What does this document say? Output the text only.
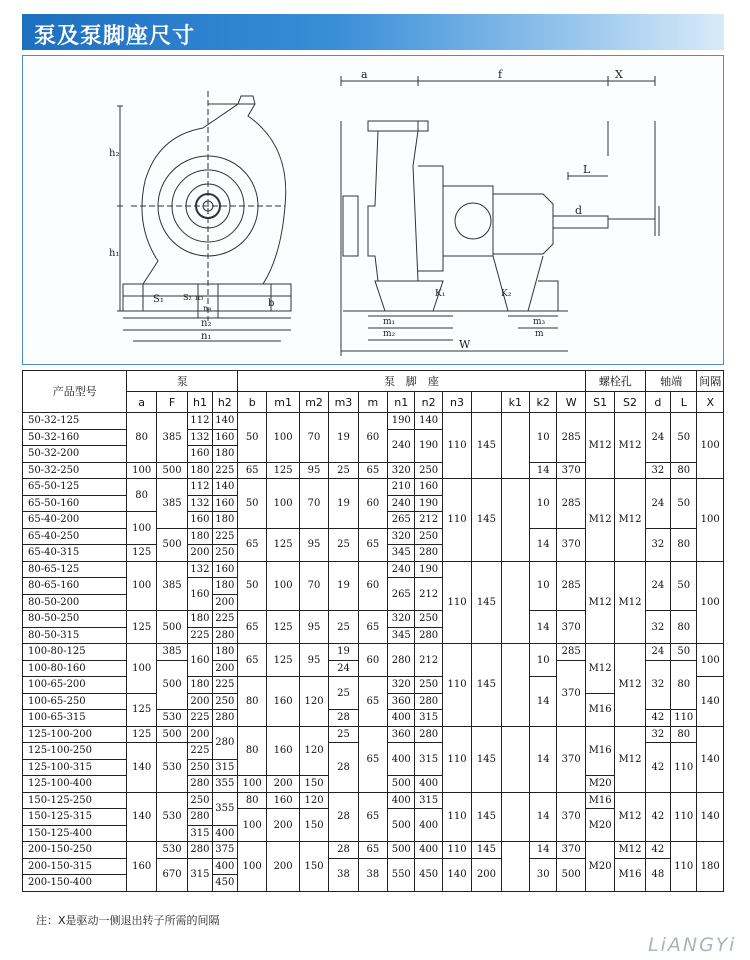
泵及泵脚座尺寸
h₂
h₁
S₁ S₂ n₃
n₄	b
n₂
n₁
a	f	X
L
d
K₁	K₂
m₁
m₂
m₃
m
W
产品型号	泵				泵　脚　座												螺栓孔		轴端		间隔
	a	F	h1	h2	b	m1	m2	m3	m	n1	n2	n3		k1	k2	W	S1	S2	d	L	X
50-32-125	80	385	112	140	50	100	70	19	60	190	140	110	145		10	285	M12	M12	24	50	100
50-32-160			132	160						240	190										
50-32-200			160	180																	
50-32-250	100	500	180	225	65	125	95	25	65	320	250				14	370			32	80	
65-50-125	80	385	112	140	50	100	70	19	60	210	160	110	145		10	285	M12	M12	24	50	100
65-50-160			132	160						240	190										
65-40-200	100		160	180						265	212										
65-40-250		500	180	225	65	125	95	25	65	320	250				14	370			32	80	
65-40-315	125		200	250						345	280										
80-65-125	100	385	132	160	50	100	70	19	60	240	190	110	145		10	285	M12	M12	24	50	100
80-65-160			160	180						265	212										
80-50-200				200																	
80-50-250	125	500	180	225	65	125	95	25	65	320	250				14	370			32	80	
80-50-315			225	280						345	280										
100-80-125	100	385	160	180	65	125	95	19	60	280	212	110	145		10	285	M12	M12	24	50	100
100-80-160		500		200				24								370			32	80	
100-65-200			180	225	80	160	120	25	65	320	250				14						140
100-65-250	125		200	250						360	280						M16				
100-65-315		530	225	280				28		400	315								42	110	
125-100-200	125	500	200	280	80	160	120	25	65	360	280	110	145		14	370	M16	M12	32	80	140
125-100-250	140	530	225					28		400	315								42	110	
125-100-315			250	315																	
125-100-400			280	355	100	200	150			500	400						M20				
150-125-250	140	530	250	355	80	160	120	28	65	400	315	110	145		14	370	M16	M12	42	110	140
150-125-315			280		100	200	150			500	400						M20				
150-125-400			315	400																	
200-150-250	160	530	280	375	100	200	150	28	65	500	400	110	145		14	370	M20	M12	42	110	180
200-150-315		670	315	400				38	38	550	450	140	200		30	500		M16	48		
200-150-400				450																	
注：X是驱动一侧退出转子所需的间隔
LiANGYi
